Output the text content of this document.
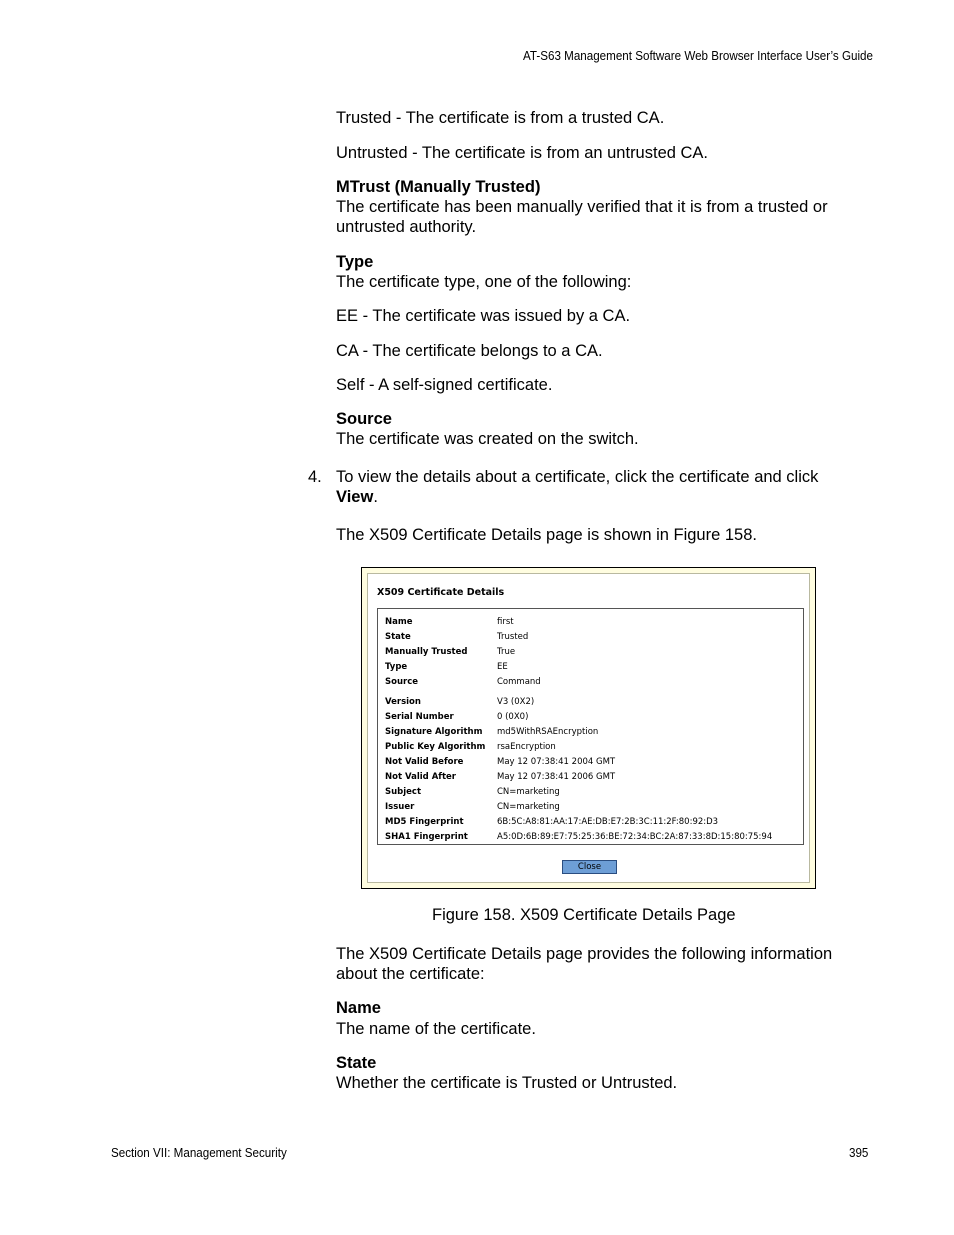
AT-S63 Management Software Web Browser Interface User’s Guide
Trusted - The certificate is from a trusted CA.
Untrusted - The certificate is from an untrusted CA.
MTrust (Manually Trusted)
The certificate has been manually verified that it is from a trusted or
untrusted authority.
Type
The certificate type, one of the following:
EE - The certificate was issued by a CA.
CA - The certificate belongs to a CA.
Self - A self-signed certificate.
Source
The certificate was created on the switch.
4. To view the details about a certificate, click the certificate and click
View.
The X509 Certificate Details page is shown in Figure 158.
X509 Certificate Details
Name	first
State	Trusted
Manually Trusted	True
Type	EE
Source	Command
Version	V3 (0X2)
Serial Number	0 (0X0)
Signature Algorithm md5WithRSAEncryption
Public Key Algorithm rsaEncryption
Not Valid Before	May 12 07:38:41 2004 GMT
Not Valid After	May 12 07:38:41 2006 GMT
Subject	CN=marketing
Issuer	CN=marketing
MD5 Fingerprint	6B:5C:A8:81:AA:17:AE:DB:E7:2B:3C:11:2F:80:92:D3
SHA1 Fingerprint	A5:0D:6B:89:E7:75:25:36:BE:72:34:BC:2A:87:33:8D:15:80:75:94
Close
Figure 158. X509 Certificate Details Page
The X509 Certificate Details page provides the following information
about the certificate:
Name
The name of the certificate.
State
Whether the certificate is Trusted or Untrusted.
Section VII: Management Security	395
